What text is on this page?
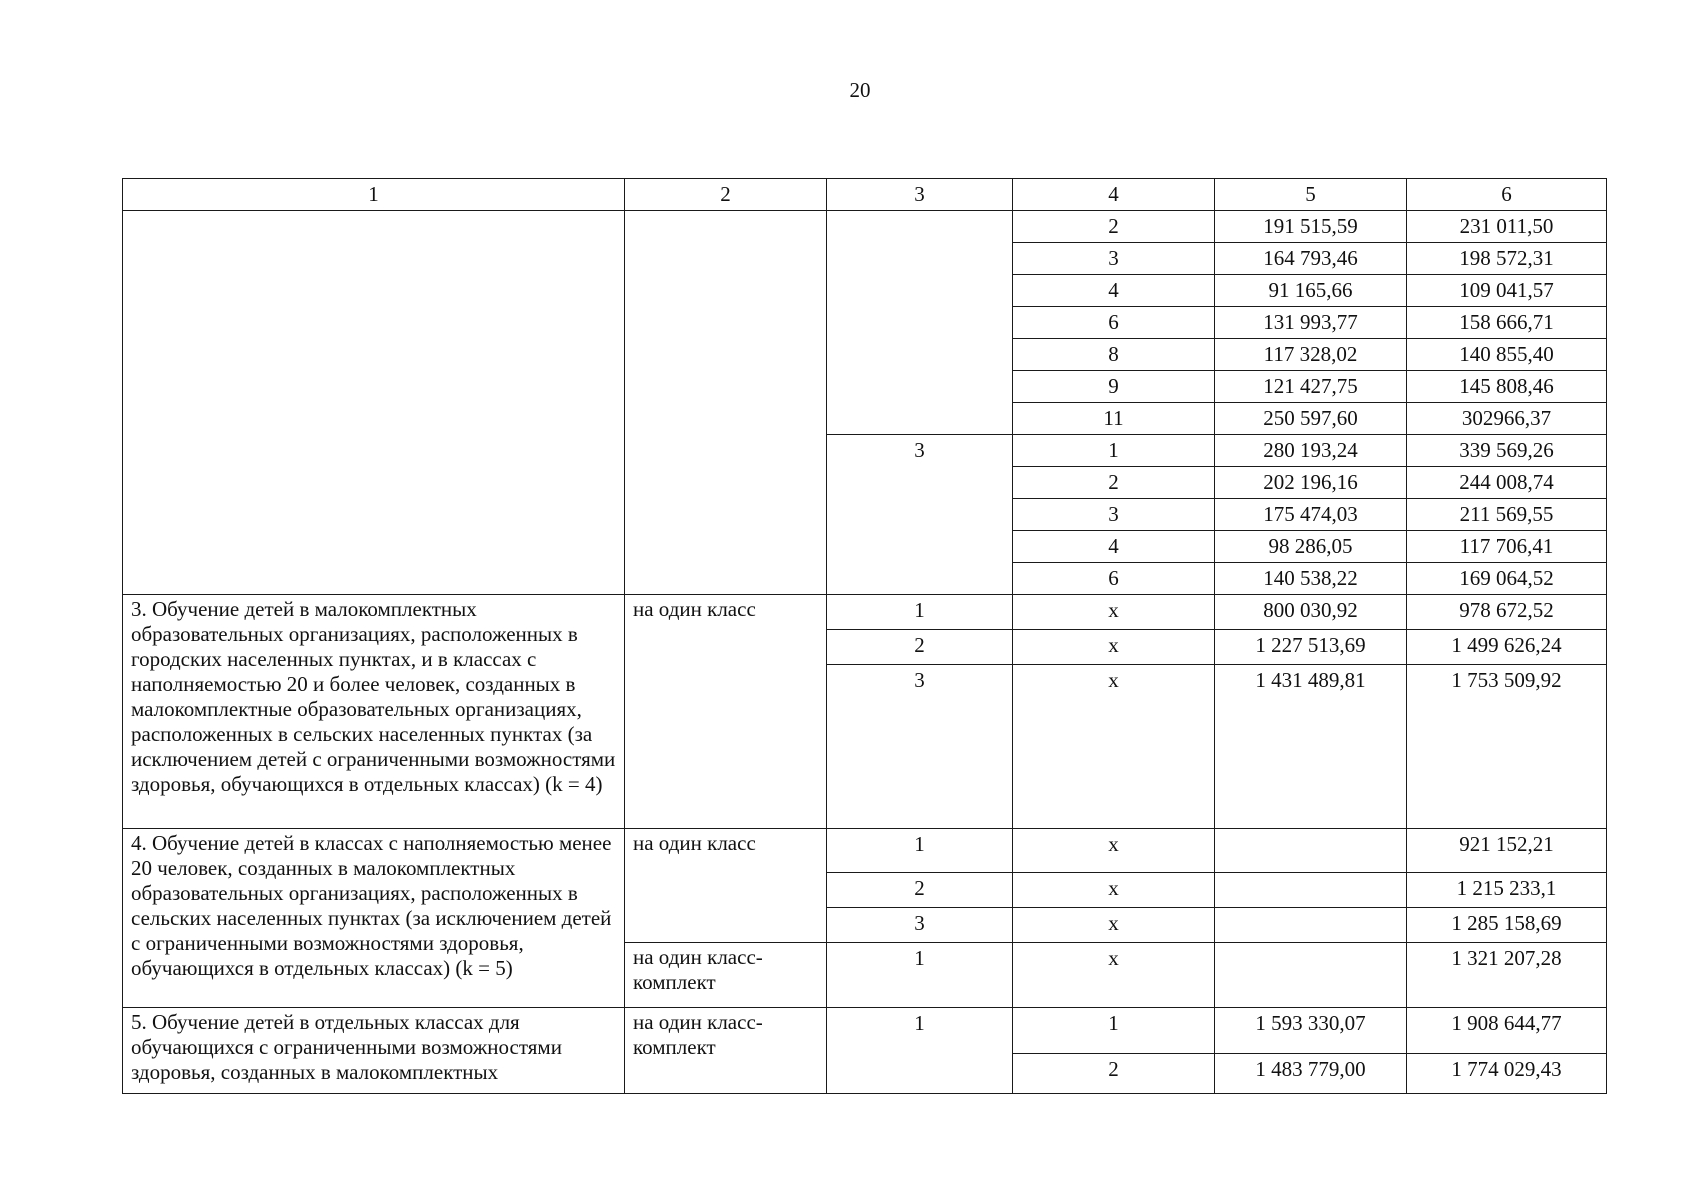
20
1	2	3	4	5	6
			2	191 515,59	231 011,50
			3	164 793,46	198 572,31
			4	91 165,66	109 041,57
			6	131 993,77	158 666,71
			8	117 328,02	140 855,40
			9	121 427,75	145 808,46
			11	250 597,60	302966,37
		3	1	280 193,24	339 569,26
			2	202 196,16	244 008,74
			3	175 474,03	211 569,55
			4	98 286,05	117 706,41
			6	140 538,22	169 064,52
3. Обучение детей в малокомплектных образовательных организациях, расположенных в городских населенных пунктах, и в классах с наполняемостью 20 и более человек, созданных в малокомплектные образовательных организациях, расположенных в сельских населенных пунктах (за исключением детей с ограниченными возможностями здоровья, обучающихся в отдельных классах) (k = 4)	на один класс	1	х	800 030,92	978 672,52
		2	х	1 227 513,69	1 499 626,24
		3	х	1 431 489,81	1 753 509,92
4. Обучение детей в классах с наполняемостью менее 20 человек, созданных в малокомплектных образовательных организациях, расположенных в сельских населенных пунктах (за исключением детей с ограниченными возможностями здоровья, обучающихся в отдельных классах) (k = 5)	на один класс	1	х		921 152,21
		2	х		1 215 233,1
		3	х		1 285 158,69
	на один класс-комплект	1	х		1 321 207,28
5. Обучение детей в отдельных классах для обучающихся с ограниченными возможностями здоровья, созданных в малокомплектных	на один класс-комплект	1	1	1 593 330,07	1 908 644,77
			2	1 483 779,00	1 774 029,43
